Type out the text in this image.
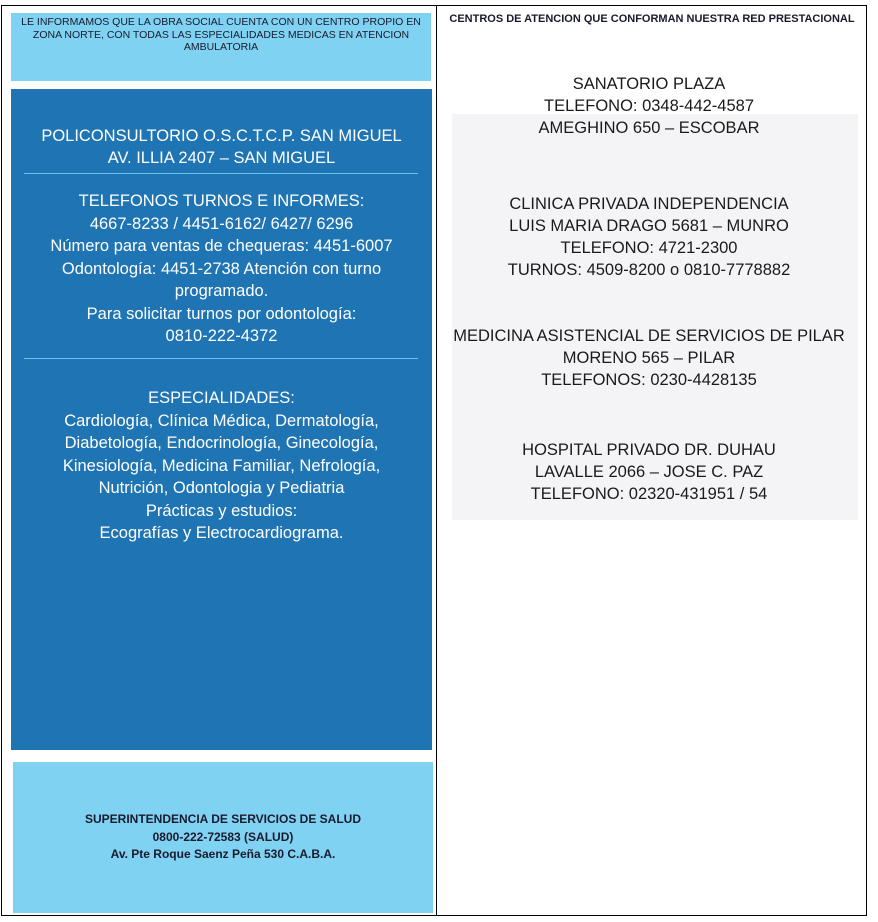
LE INFORMAMOS QUE LA OBRA SOCIAL CUENTA CON UN CENTRO PROPIO EN
ZONA NORTE, CON TODAS LAS ESPECIALIDADES MEDICAS EN ATENCION
AMBULATORIA
POLICONSULTORIO O.S.C.T.C.P. SAN MIGUEL
AV. ILLIA 2407 – SAN MIGUEL
TELEFONOS TURNOS E INFORMES:
4667-8233 / 4451-6162/ 6427/ 6296
Número para ventas de chequeras: 4451-6007
Odontología: 4451-2738 Atención con turno
programado.
Para solicitar turnos por odontología:
0810-222-4372
ESPECIALIDADES:
Cardiología, Clínica Médica, Dermatología,
Diabetología, Endocrinología, Ginecología,
Kinesiología, Medicina Familiar, Nefrología,
Nutrición, Odontologia y Pediatria
Prácticas y estudios:
Ecografías y Electrocardiograma.
SUPERINTENDENCIA DE SERVICIOS DE SALUD
0800-222-72583 (SALUD)
Av. Pte Roque Saenz Peña 530 C.A.B.A.
CENTROS DE ATENCION QUE CONFORMAN NUESTRA RED PRESTACIONAL
SANATORIO PLAZA
TELEFONO: 0348-442-4587
AMEGHINO 650 – ESCOBAR
CLINICA PRIVADA INDEPENDENCIA
LUIS MARIA DRAGO 5681 – MUNRO
TELEFONO: 4721-2300
TURNOS: 4509-8200 o 0810-7778882
MEDICINA ASISTENCIAL DE SERVICIOS DE PILAR
MORENO 565 – PILAR
TELEFONOS: 0230-4428135
HOSPITAL PRIVADO DR. DUHAU
LAVALLE 2066 – JOSE C. PAZ
TELEFONO: 02320-431951 / 54
